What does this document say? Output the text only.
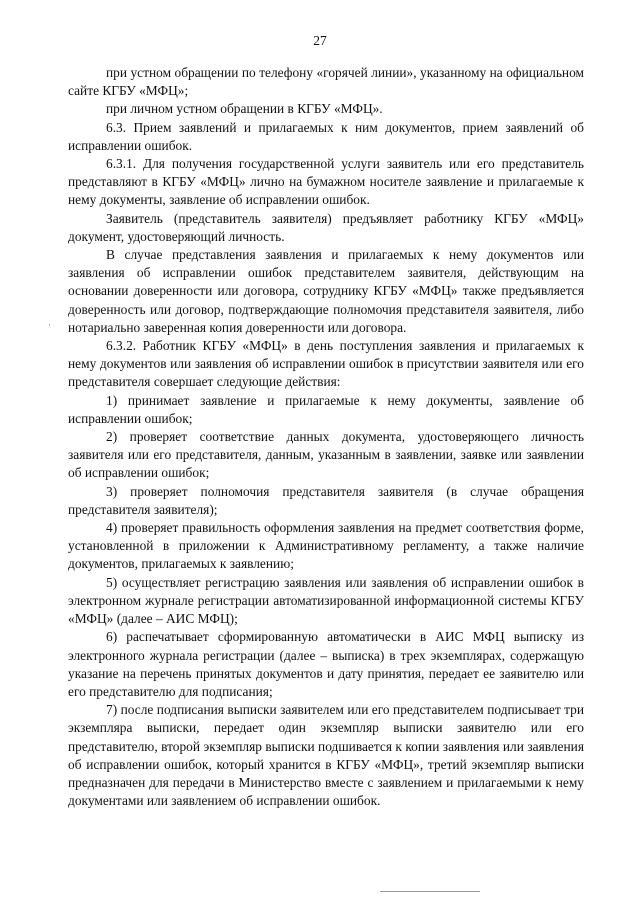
27

при устном обращении по телефону «горячей линии», указанному на официальном сайте КГБУ «МФЦ»;

при личном устном обращении в КГБУ «МФЦ».

6.3. Прием заявлений и прилагаемых к ним документов, прием заявлений об исправлении ошибок.

6.3.1. Для получения государственной услуги заявитель или его представитель представляют в КГБУ «МФЦ» лично на бумажном носителе заявление и прилагаемые к нему документы, заявление об исправлении ошибок.

Заявитель (представитель заявителя) предъявляет работнику КГБУ «МФЦ» документ, удостоверяющий личность.

В случае представления заявления и прилагаемых к нему документов или заявления об исправлении ошибок представителем заявителя, действующим на основании доверенности или договора, сотруднику КГБУ «МФЦ» также предъявляется доверенность или договор, подтверждающие полномочия представителя заявителя, либо нотариально заверенная копия доверенности или договора.

6.3.2. Работник КГБУ «МФЦ» в день поступления заявления и прилагаемых к нему документов или заявления об исправлении ошибок в присутствии заявителя или его представителя совершает следующие действия:

1) принимает заявление и прилагаемые к нему документы, заявление об исправлении ошибок;

2) проверяет соответствие данных документа, удостоверяющего личность заявителя или его представителя, данным, указанным в заявлении, заявке или заявлении об исправлении ошибок;

3) проверяет полномочия представителя заявителя (в случае обращения представителя заявителя);

4) проверяет правильность оформления заявления на предмет соответствия форме, установленной в приложении к Административному регламенту, а также наличие документов, прилагаемых к заявлению;

5) осуществляет регистрацию заявления или заявления об исправлении ошибок в электронном журнале регистрации автоматизированной информационной системы КГБУ «МФЦ» (далее – АИС МФЦ);

6) распечатывает сформированную автоматически в АИС МФЦ выписку из электронного журнала регистрации (далее – выписка) в трех экземплярах, содержащую указание на перечень принятых документов и дату принятия, передает ее заявителю или его представителю для подписания;

7) после подписания выписки заявителем или его представителем подписывает три экземпляра выписки, передает один экземпляр выписки заявителю или его представителю, второй экземпляр выписки подшивается к копии заявления или заявления об исправлении ошибок, который хранится в КГБУ «МФЦ», третий экземпляр выписки предназначен для передачи в Министерство вместе с заявлением и прилагаемыми к нему документами или заявлением об исправлении ошибок.

·
